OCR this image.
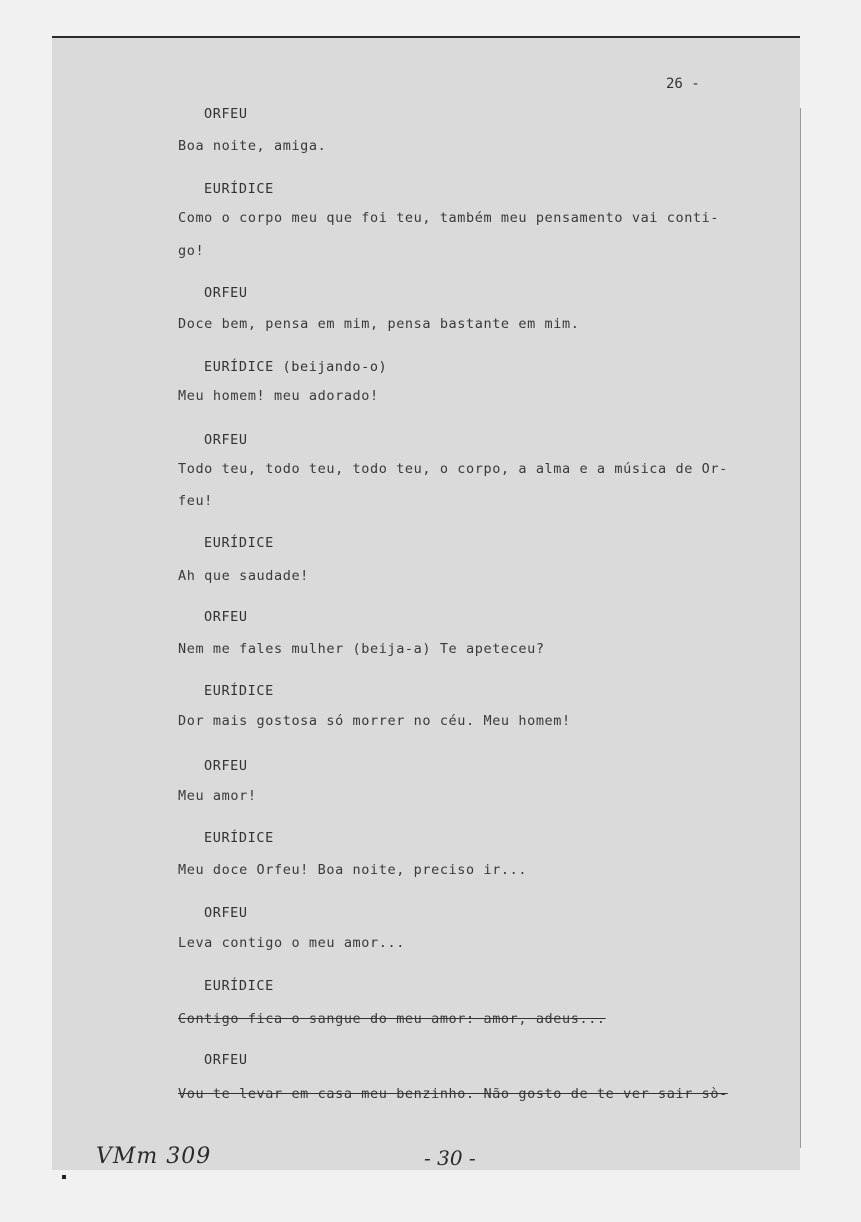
26 -
ORFEU
Boa noite, amiga.
EURÍDICE
Como o corpo meu que foi teu, também meu pensamento vai conti-
go!
ORFEU
Doce bem, pensa em mim, pensa bastante em mim.
EURÍDICE (beijando-o)
Meu homem! meu adorado!
ORFEU
Todo teu, todo teu, todo teu, o corpo, a alma e a música de Or-
feu!
EURÍDICE
Ah que saudade!
ORFEU
Nem me fales mulher (beija-a) Te apeteceu?
EURÍDICE
Dor mais gostosa só morrer no céu. Meu homem!
ORFEU
Meu amor!
EURÍDICE
Meu doce Orfeu! Boa noite, preciso ir...
ORFEU
Leva contigo o meu amor...
EURÍDICE
Contigo fica o sangue do meu amor: amor, adeus...
ORFEU
Vou te levar em casa meu benzinho. Não gosto de te ver sair sò-
VMm 309	- 30 -
